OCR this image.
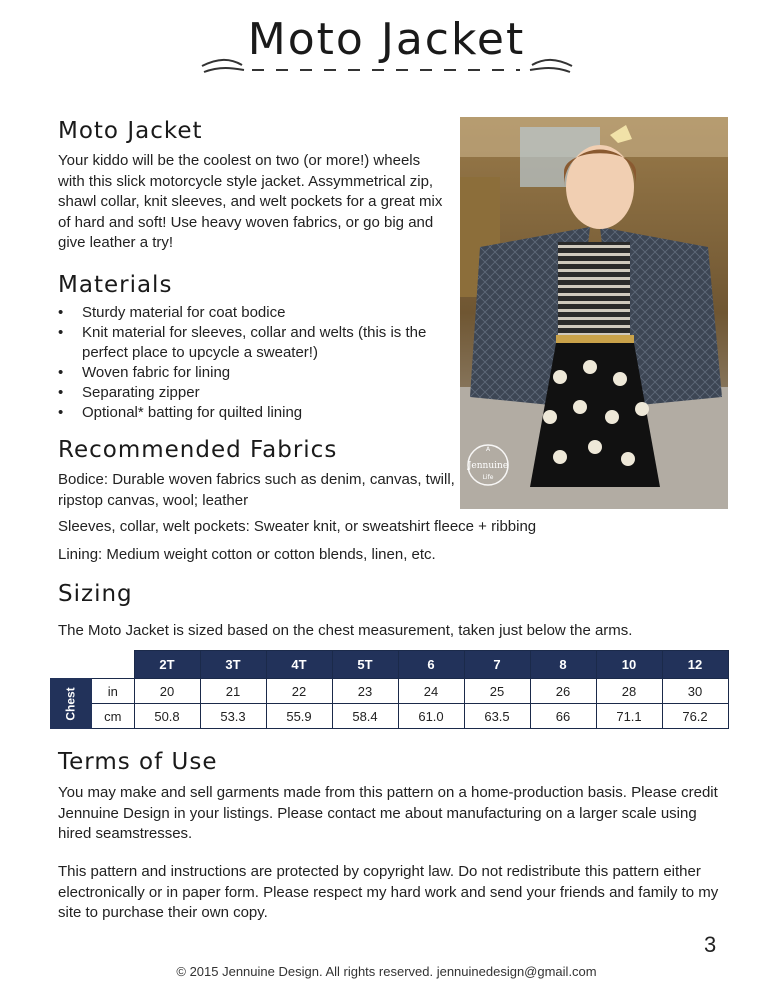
Moto Jacket
Moto Jacket

Your kiddo will be the coolest on two (or more!) wheels with this slick motorcycle style jacket. Assymmetrical zip, shawl collar, knit sleeves, and welt pockets for a great mix of hard and soft! Use heavy woven fabrics, or go big and give leather a try!

Materials
• Sturdy material for coat bodice
• Knit material for sleeves, collar and welts (this is the perfect place to upcycle a sweater!)
• Woven fabric for lining
• Separating zipper
• Optional* batting for quilted lining
Recommended Fabrics

Bodice: Durable woven fabrics such as denim, canvas, twill, ripstop canvas, wool; leather

Sleeves, collar, welt pockets: Sweater knit, or sweatshirt fleece + ribbing

Lining: Medium weight cotton or cotton blends, linen, etc.

A
Jennuine
Life
Sizing

The Moto Jacket is sized based on the chest measurement, taken just below the arms.

		2T	3T	4T	5T	6	7	8	10	12
Chest	in	20	21	22	23	24	25	26	28	30
	cm	50.8	53.3	55.9	58.4	61.0	63.5	66	71.1	76.2
Terms of Use

You may make and sell garments made from this pattern on a home-production basis. Please credit Jennuine Design in your listings. Please contact me about manufacturing on a larger scale using hired seamstresses.

This pattern and instructions are protected by copyright law. Do not redistribute this pattern either electronically or in paper form. Please respect my hard work and send your friends and family to my site to purchase their own copy.

3
© 2015 Jennuine Design. All rights reserved. jennuinedesign@gmail.com
